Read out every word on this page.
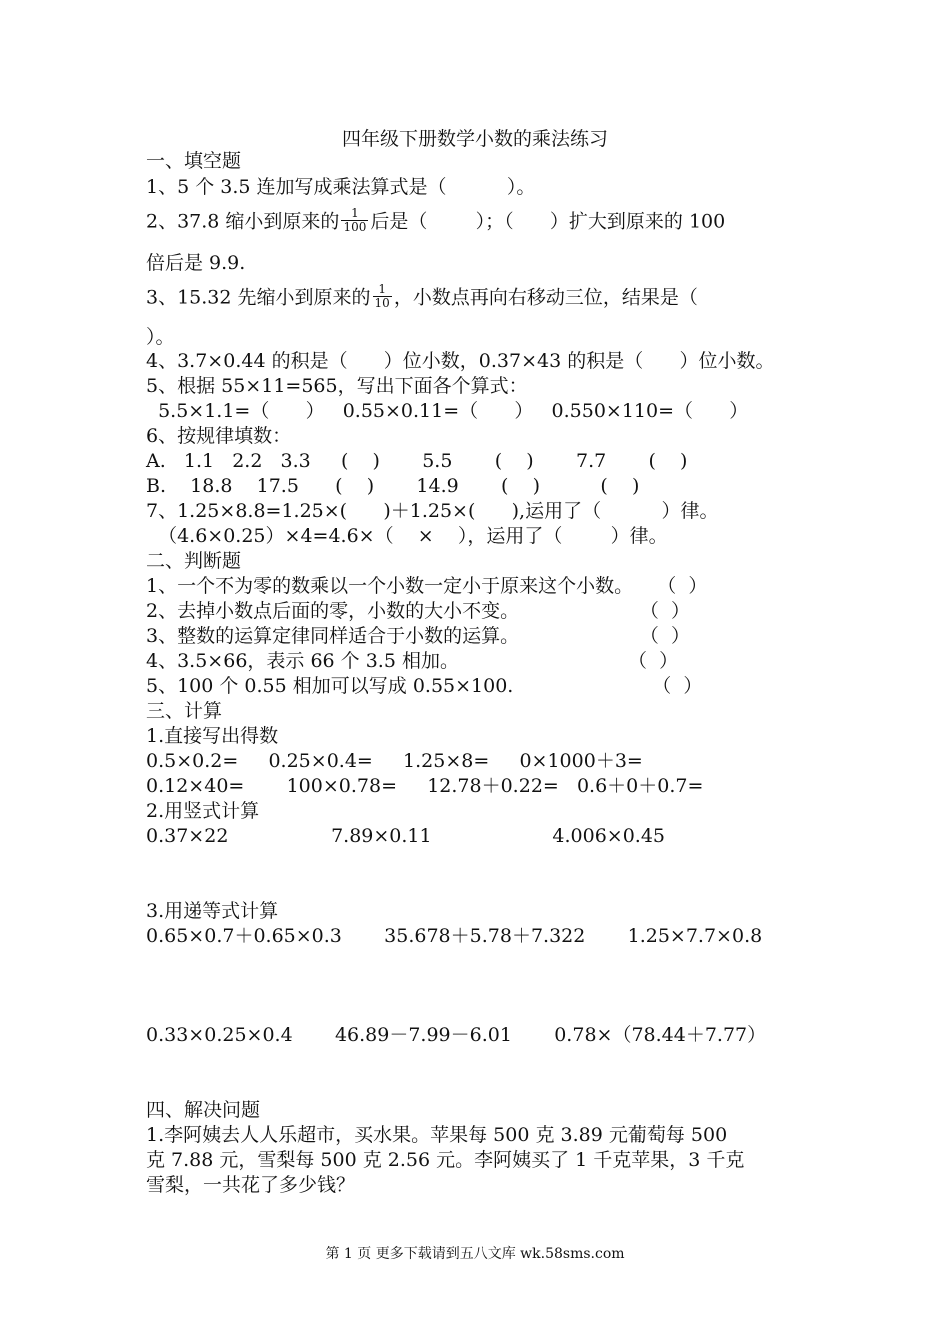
四年级下册数学小数的乘法练习
一、填空题
1、5 个 3.5 连加写成乘法算式是（          ）。
2、37.8 缩小到原来的 $\frac{1}{100}$ 后是（        ）；（      ）扩大到原来的 100
倍后是 9.9.
3、15.32 先缩小到原来的 $\frac{1}{10}$ ，小数点再向右移动三位，结果是（
）。
4、3.7×0.44 的积是（      ）位小数，0.37×43 的积是（      ）位小数。
5、根据 55×11=565，写出下面各个算式：
5.5×1.1=（      ）   0.55×0.11=（      ）   0.550×110=（      ）
6、按规律填数：
A.   1.1   2.2   3.3     (    )       5.5       (    )       7.7       (    )
B.    18.8    17.5      (    )       14.9       (    )          (    )
7、1.25×8.8=1.25×(      )＋1.25×(      ),运用了（          ）律。
（4.6×0.25）×4=4.6×（    ×    ），运用了（        ）律。
二、判断题
1、一个不为零的数乘以一个小数一定小于原来这个小数。    （  ）
2、去掉小数点后面的零，小数的大小不变。                    （  ）
3、整数的运算定律同样适合于小数的运算。                    （  ）
4、3.5×66，表示 66 个 3.5 相加。                            （  ）
5、100 个 0.55 相加可以写成 0.55×100.                       （  ）
三、计算
1.直接写出得数
0.5×0.2=     0.25×0.4=     1.25×8=     0×1000＋3=
0.12×40=       100×0.78=     12.78＋0.22=   0.6＋0＋0.7=
2.用竖式计算
0.37×22                 7.89×0.11                    4.006×0.45
3.用递等式计算
0.65×0.7＋0.65×0.3       35.678＋5.78＋7.322       1.25×7.7×0.8
0.33×0.25×0.4       46.89－7.99－6.01       0.78×（78.44＋7.77）
四、解决问题
1.李阿姨去人人乐超市，买水果。苹果每 500 克 3.89 元葡萄每 500
克 7.88 元，雪梨每 500 克 2.56 元。李阿姨买了 1 千克苹果，3 千克
雪梨，一共花了多少钱？
第 1 页 更多下载请到五八文库 wk.58sms.com
